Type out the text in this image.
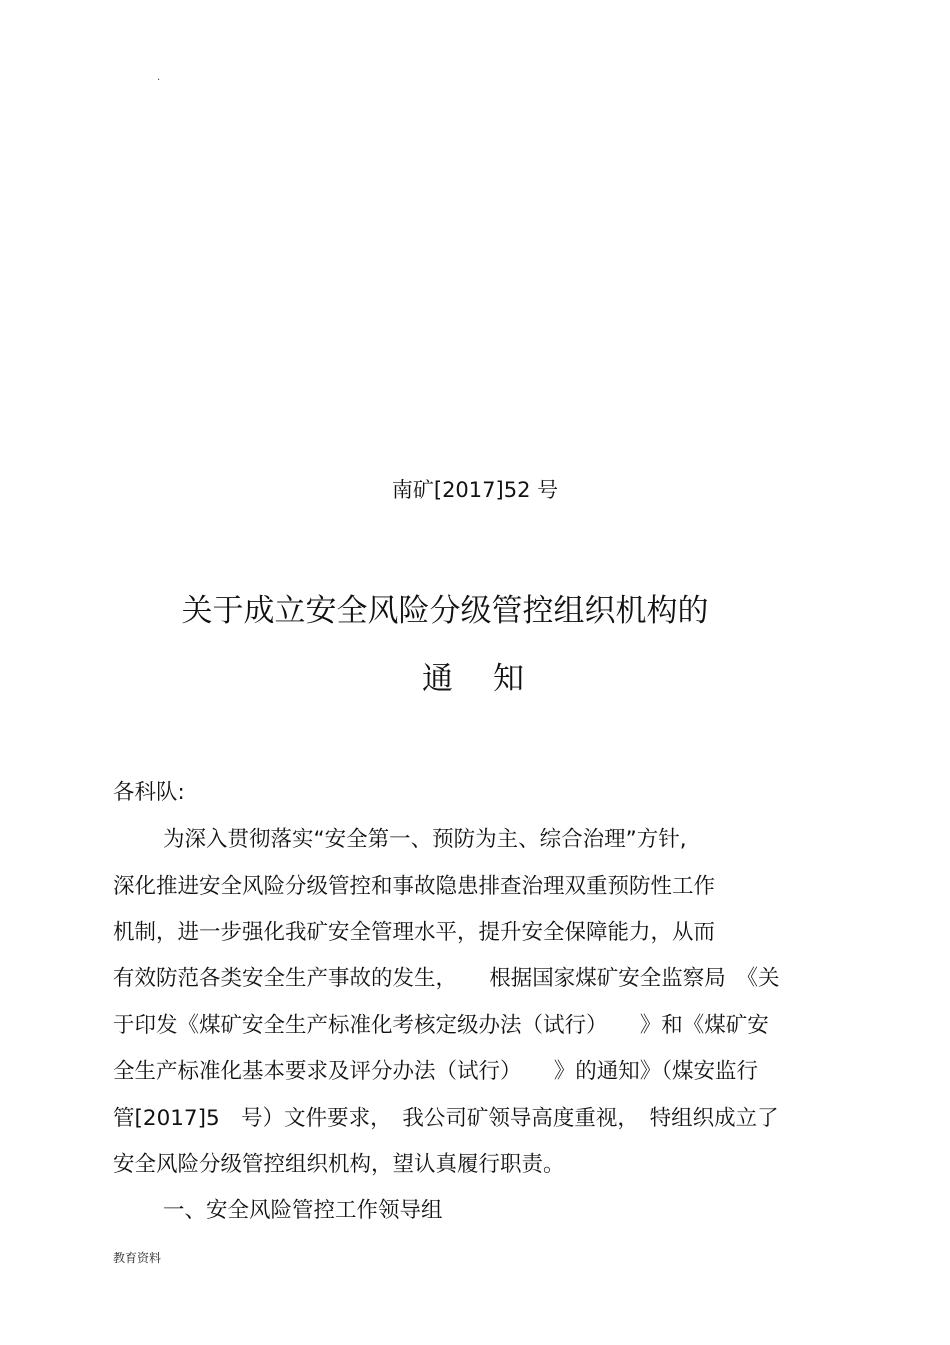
.
南矿[2017]52 号
关于成立安全风险分级管控组织机构的
通 知
各科队:
为深入贯彻落实“安全第一、预防为主、综合治理”方针,
深化推进安全风险分级管控和事故隐患排查治理双重预防性工作
机制，进一步强化我矿安全管理水平，提升安全保障能力，从而
有效防范各类安全生产事故的发生，　　根据国家煤矿安全监察局　《关
于印发《煤矿安全生产标准化考核定级办法（试行）　　》和《煤矿安
全生产标准化基本要求及评分办法（试行）　　》的通知》（煤安监行
管[2017]5　号）文件要求，　我公司矿领导高度重视，　特组织成立了
安全风险分级管控组织机构，望认真履行职责。
一、安全风险管控工作领导组
教育资料
